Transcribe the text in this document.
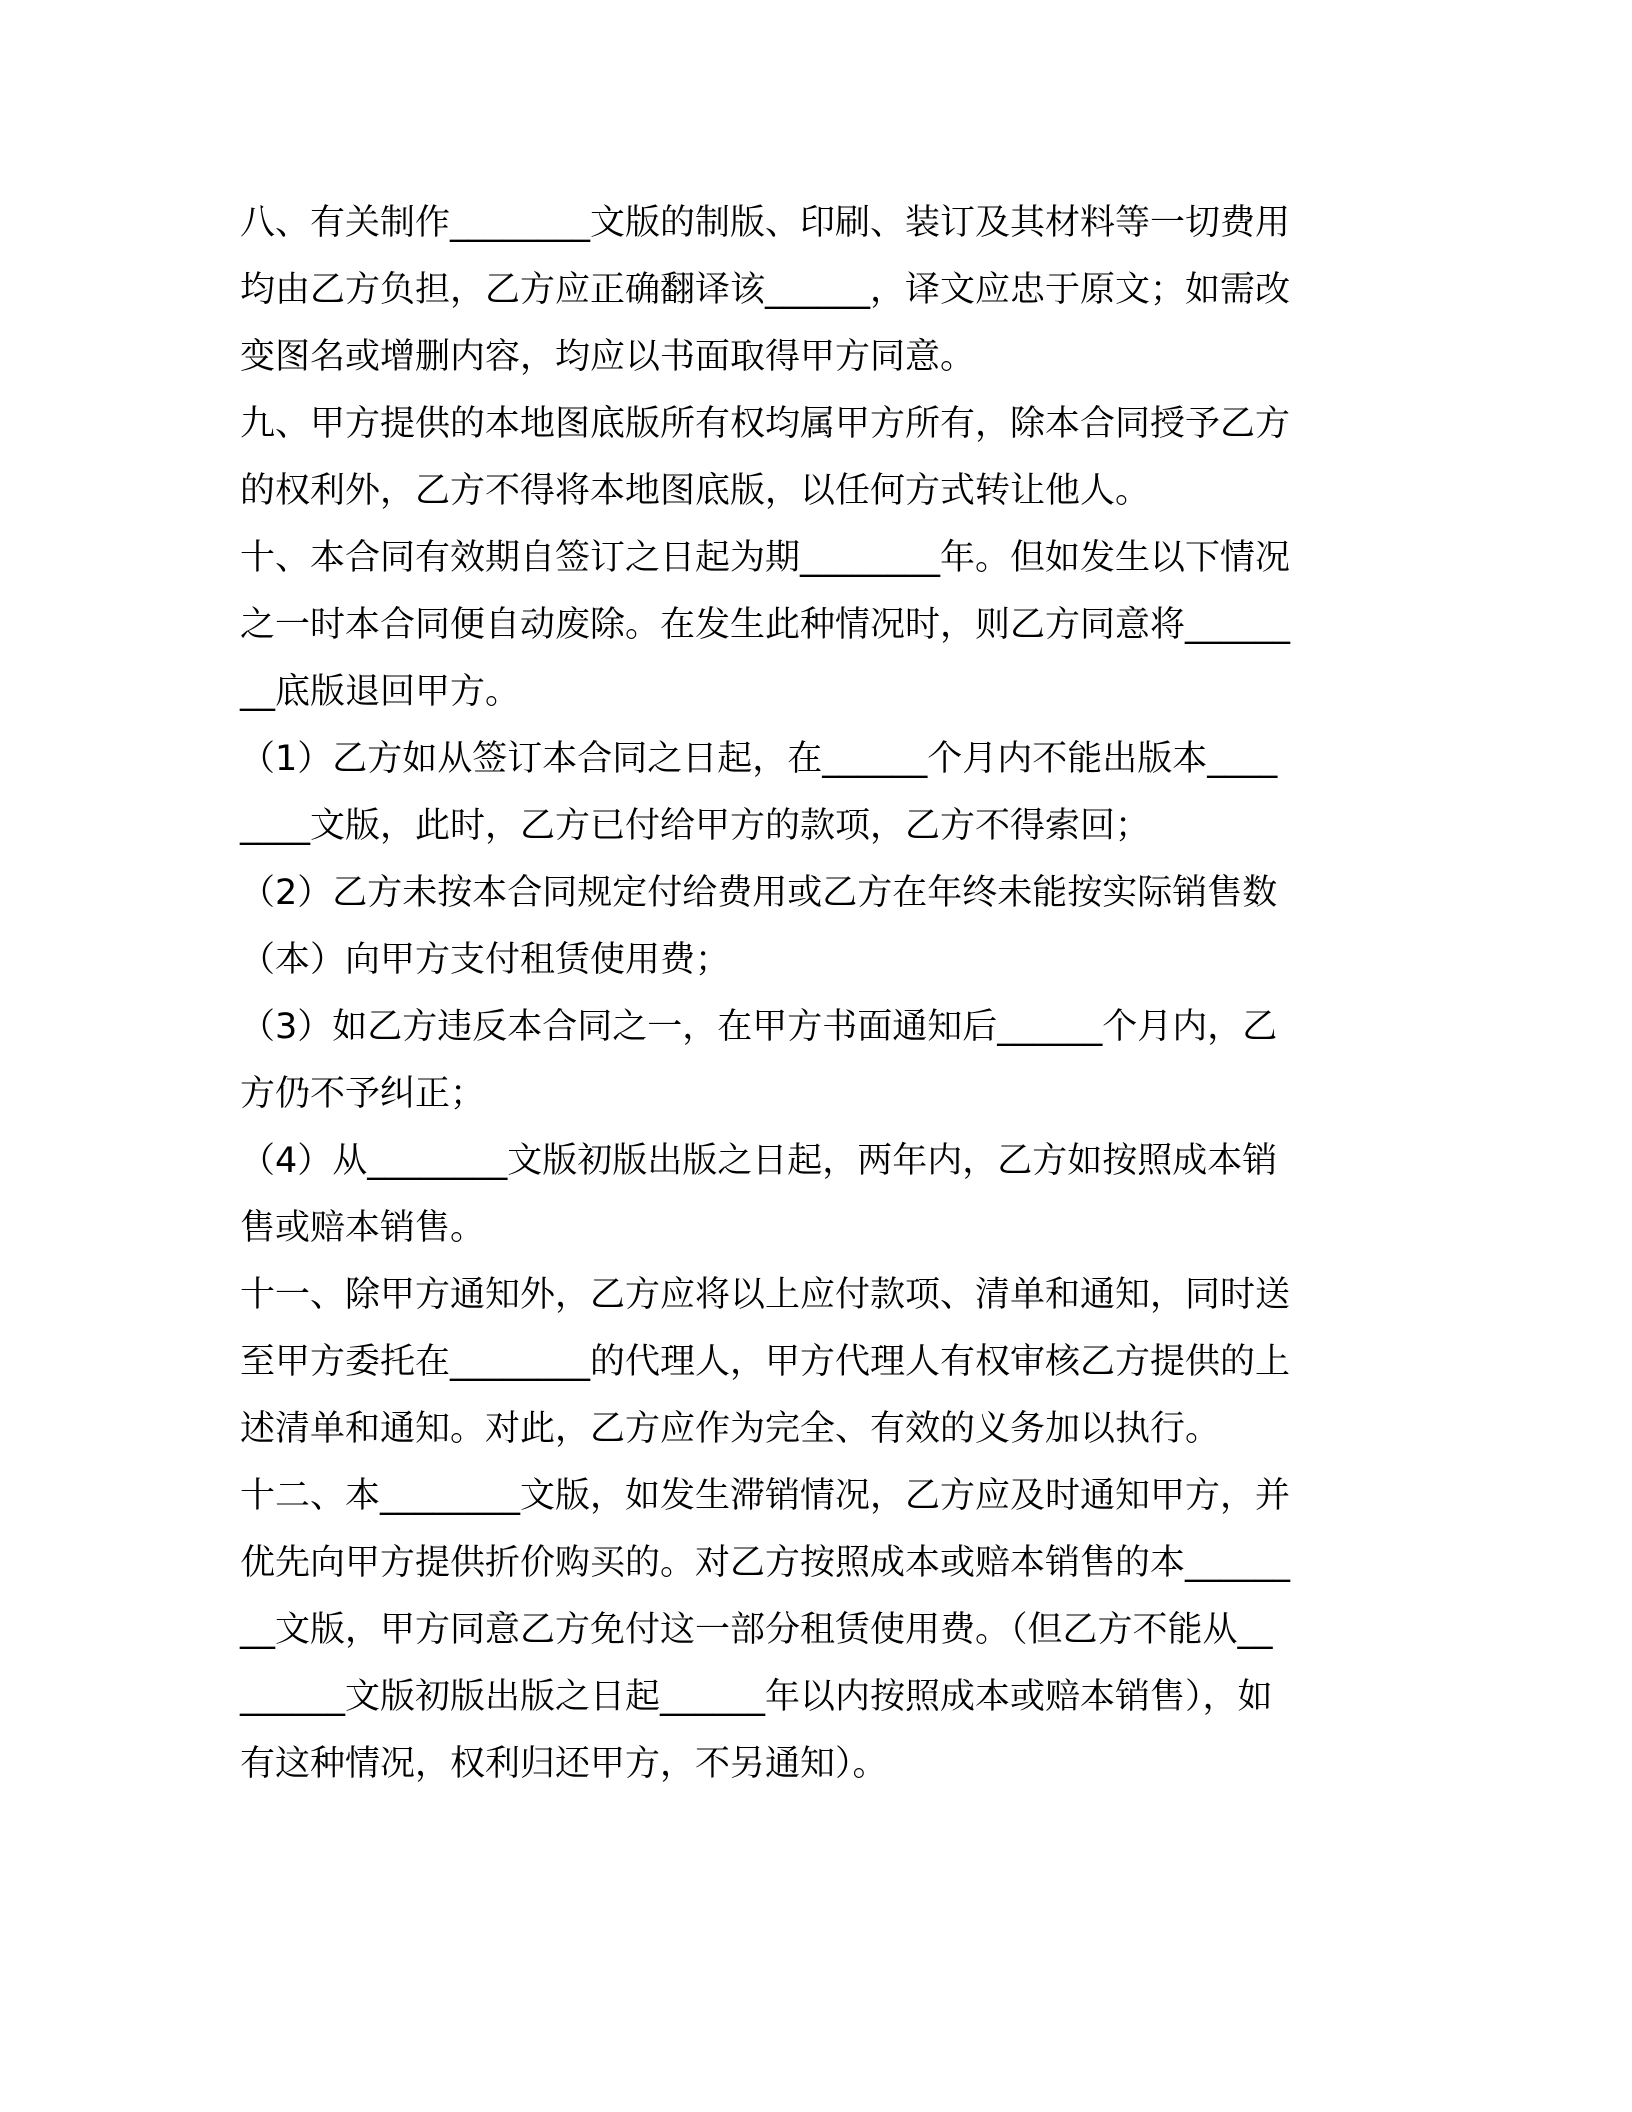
八、有关制作________文版的制版、印刷、装订及其材料等一切费用
均由乙方负担，乙方应正确翻译该______，译文应忠于原文；如需改
变图名或增删内容，均应以书面取得甲方同意。
九、甲方提供的本地图底版所有权均属甲方所有，除本合同授予乙方
的权利外，乙方不得将本地图底版，以任何方式转让他人。
十、本合同有效期自签订之日起为期________年。但如发生以下情况
之一时本合同便自动废除。在发生此种情况时，则乙方同意将______
__底版退回甲方。
（1）乙方如从签订本合同之日起，在______个月内不能出版本____
____文版，此时，乙方已付给甲方的款项，乙方不得索回；
（2）乙方未按本合同规定付给费用或乙方在年终未能按实际销售数
（本）向甲方支付租赁使用费；
（3）如乙方违反本合同之一，在甲方书面通知后______个月内，乙
方仍不予纠正；
（4）从________文版初版出版之日起，两年内，乙方如按照成本销
售或赔本销售。
十一、除甲方通知外，乙方应将以上应付款项、清单和通知，同时送
至甲方委托在________的代理人，甲方代理人有权审核乙方提供的上
述清单和通知。对此，乙方应作为完全、有效的义务加以执行。
十二、本________文版，如发生滞销情况，乙方应及时通知甲方，并
优先向甲方提供折价购买的。对乙方按照成本或赔本销售的本______
__文版，甲方同意乙方免付这一部分租赁使用费。（但乙方不能从__
______文版初版出版之日起______年以内按照成本或赔本销售），如
有这种情况，权利归还甲方，不另通知）。
